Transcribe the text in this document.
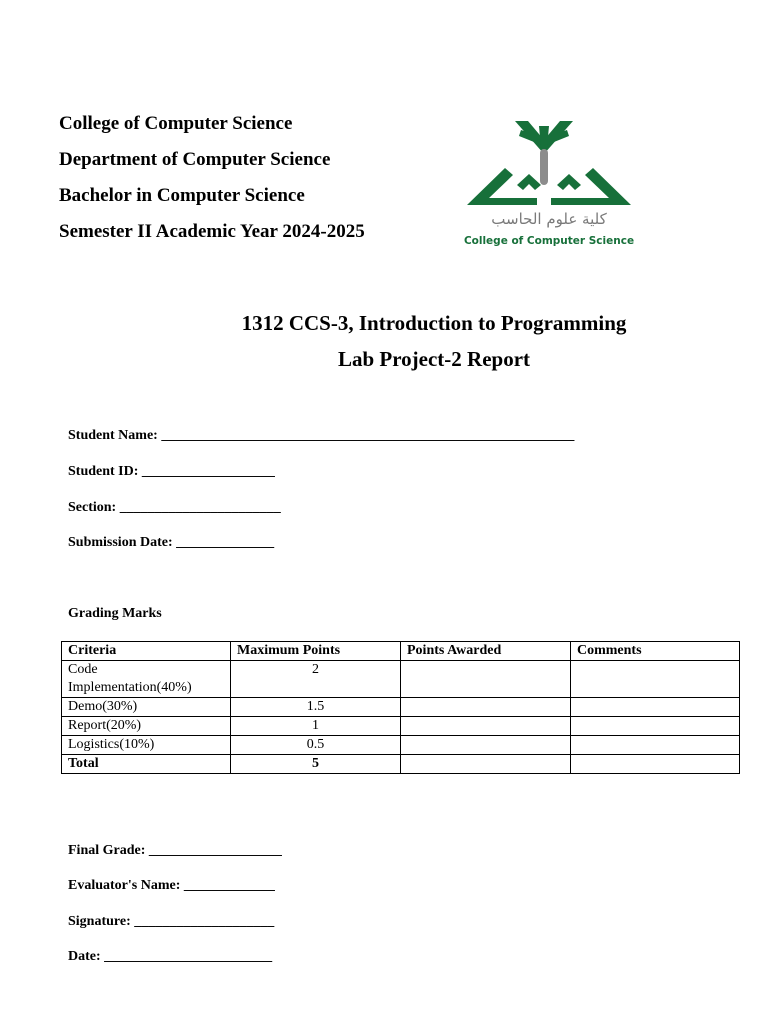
College of Computer Science
Department of Computer Science
Bachelor in Computer Science
Semester II Academic Year 2024-2025
كلية علوم الحاسب
College of Computer Science
1312 CCS-3, Introduction to Programming
Lab Project-2 Report
Student Name: ___________________________________________________________
Student ID: ___________________
Section: _______________________
Submission Date: ______________
Grading Marks
Criteria	Maximum Points	Points Awarded	Comments
Code Implementation(40%)	2		
Demo(30%)	1.5		
Report(20%)	1		
Logistics(10%)	0.5		
Total	5		
Final Grade: ___________________
Evaluator's Name: _____________
Signature: ____________________
Date: ________________________
